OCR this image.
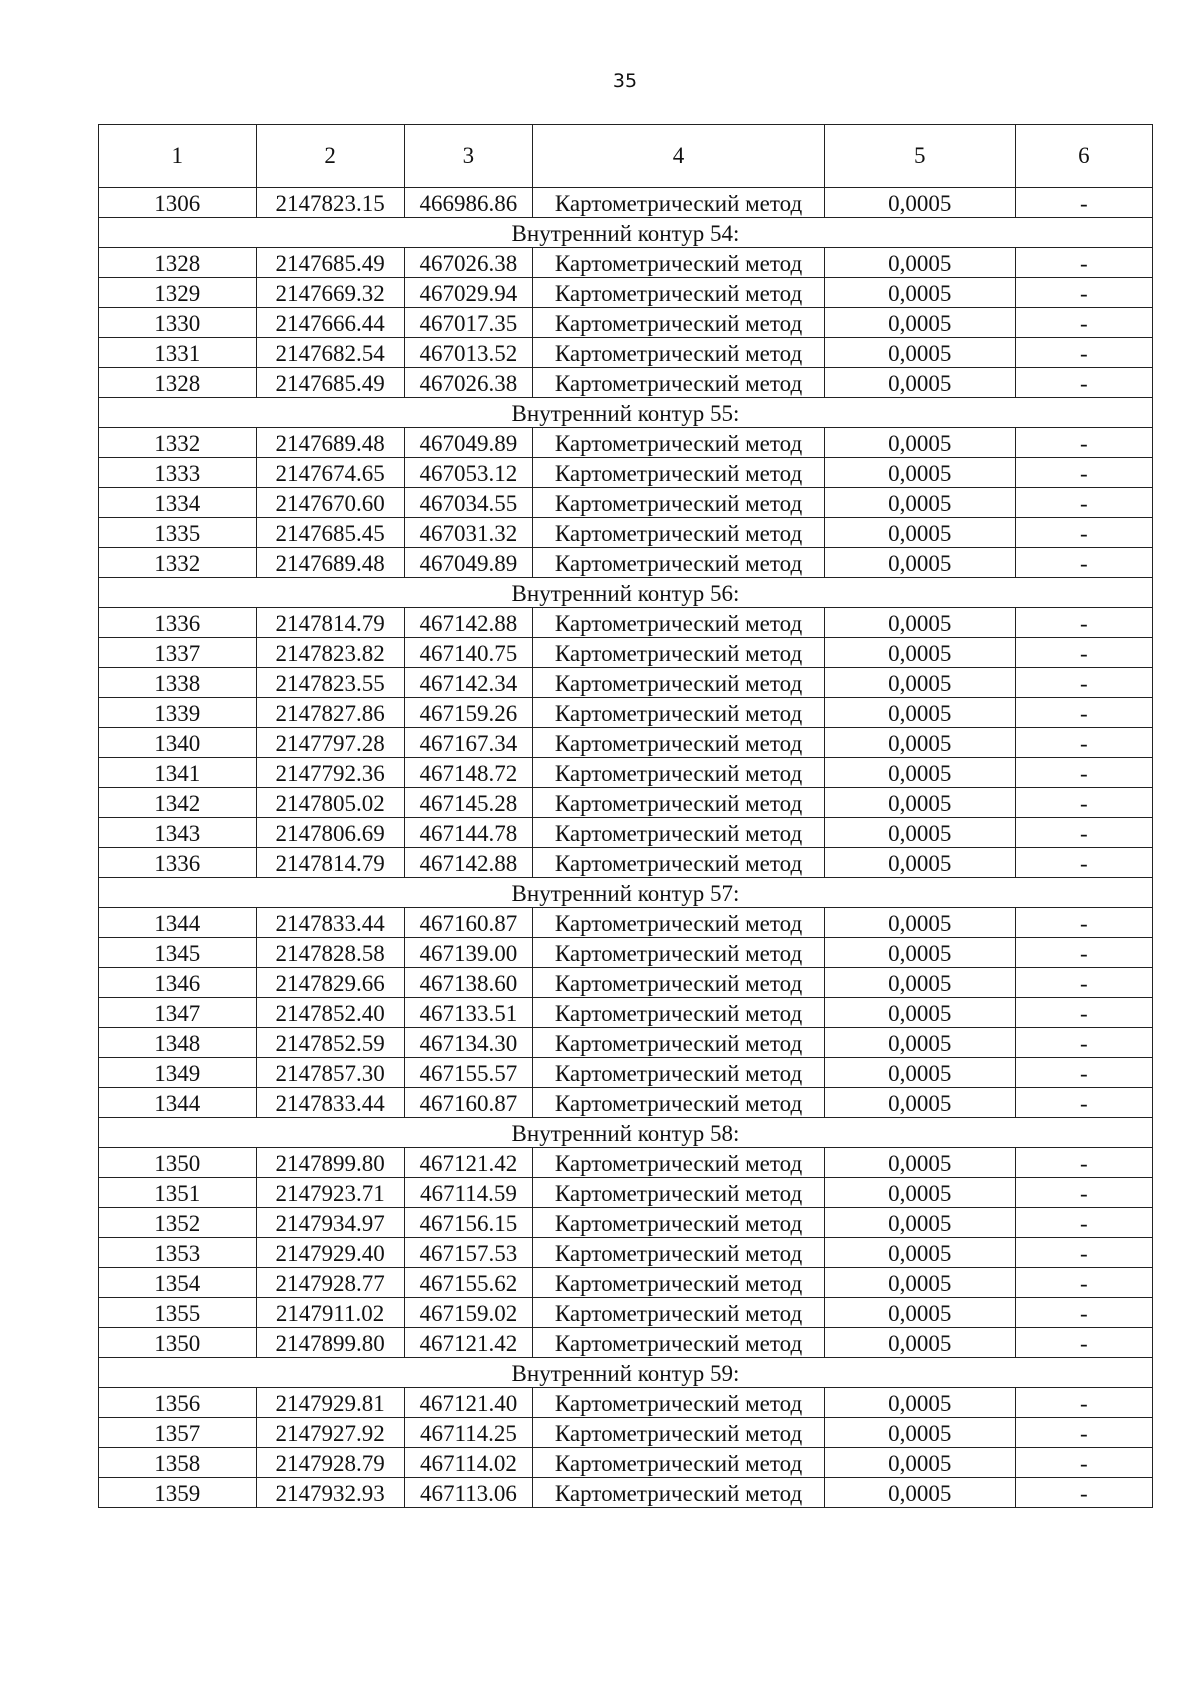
35
1	2	3	4	5	6
1306	2147823.15	466986.86	Картометрический метод	0,0005	-
Внутренний контур 54:					
1328	2147685.49	467026.38	Картометрический метод	0,0005	-
1329	2147669.32	467029.94	Картометрический метод	0,0005	-
1330	2147666.44	467017.35	Картометрический метод	0,0005	-
1331	2147682.54	467013.52	Картометрический метод	0,0005	-
1328	2147685.49	467026.38	Картометрический метод	0,0005	-
Внутренний контур 55:					
1332	2147689.48	467049.89	Картометрический метод	0,0005	-
1333	2147674.65	467053.12	Картометрический метод	0,0005	-
1334	2147670.60	467034.55	Картометрический метод	0,0005	-
1335	2147685.45	467031.32	Картометрический метод	0,0005	-
1332	2147689.48	467049.89	Картометрический метод	0,0005	-
Внутренний контур 56:					
1336	2147814.79	467142.88	Картометрический метод	0,0005	-
1337	2147823.82	467140.75	Картометрический метод	0,0005	-
1338	2147823.55	467142.34	Картометрический метод	0,0005	-
1339	2147827.86	467159.26	Картометрический метод	0,0005	-
1340	2147797.28	467167.34	Картометрический метод	0,0005	-
1341	2147792.36	467148.72	Картометрический метод	0,0005	-
1342	2147805.02	467145.28	Картометрический метод	0,0005	-
1343	2147806.69	467144.78	Картометрический метод	0,0005	-
1336	2147814.79	467142.88	Картометрический метод	0,0005	-
Внутренний контур 57:					
1344	2147833.44	467160.87	Картометрический метод	0,0005	-
1345	2147828.58	467139.00	Картометрический метод	0,0005	-
1346	2147829.66	467138.60	Картометрический метод	0,0005	-
1347	2147852.40	467133.51	Картометрический метод	0,0005	-
1348	2147852.59	467134.30	Картометрический метод	0,0005	-
1349	2147857.30	467155.57	Картометрический метод	0,0005	-
1344	2147833.44	467160.87	Картометрический метод	0,0005	-
Внутренний контур 58:					
1350	2147899.80	467121.42	Картометрический метод	0,0005	-
1351	2147923.71	467114.59	Картометрический метод	0,0005	-
1352	2147934.97	467156.15	Картометрический метод	0,0005	-
1353	2147929.40	467157.53	Картометрический метод	0,0005	-
1354	2147928.77	467155.62	Картометрический метод	0,0005	-
1355	2147911.02	467159.02	Картометрический метод	0,0005	-
1350	2147899.80	467121.42	Картометрический метод	0,0005	-
Внутренний контур 59:					
1356	2147929.81	467121.40	Картометрический метод	0,0005	-
1357	2147927.92	467114.25	Картометрический метод	0,0005	-
1358	2147928.79	467114.02	Картометрический метод	0,0005	-
1359	2147932.93	467113.06	Картометрический метод	0,0005	-
